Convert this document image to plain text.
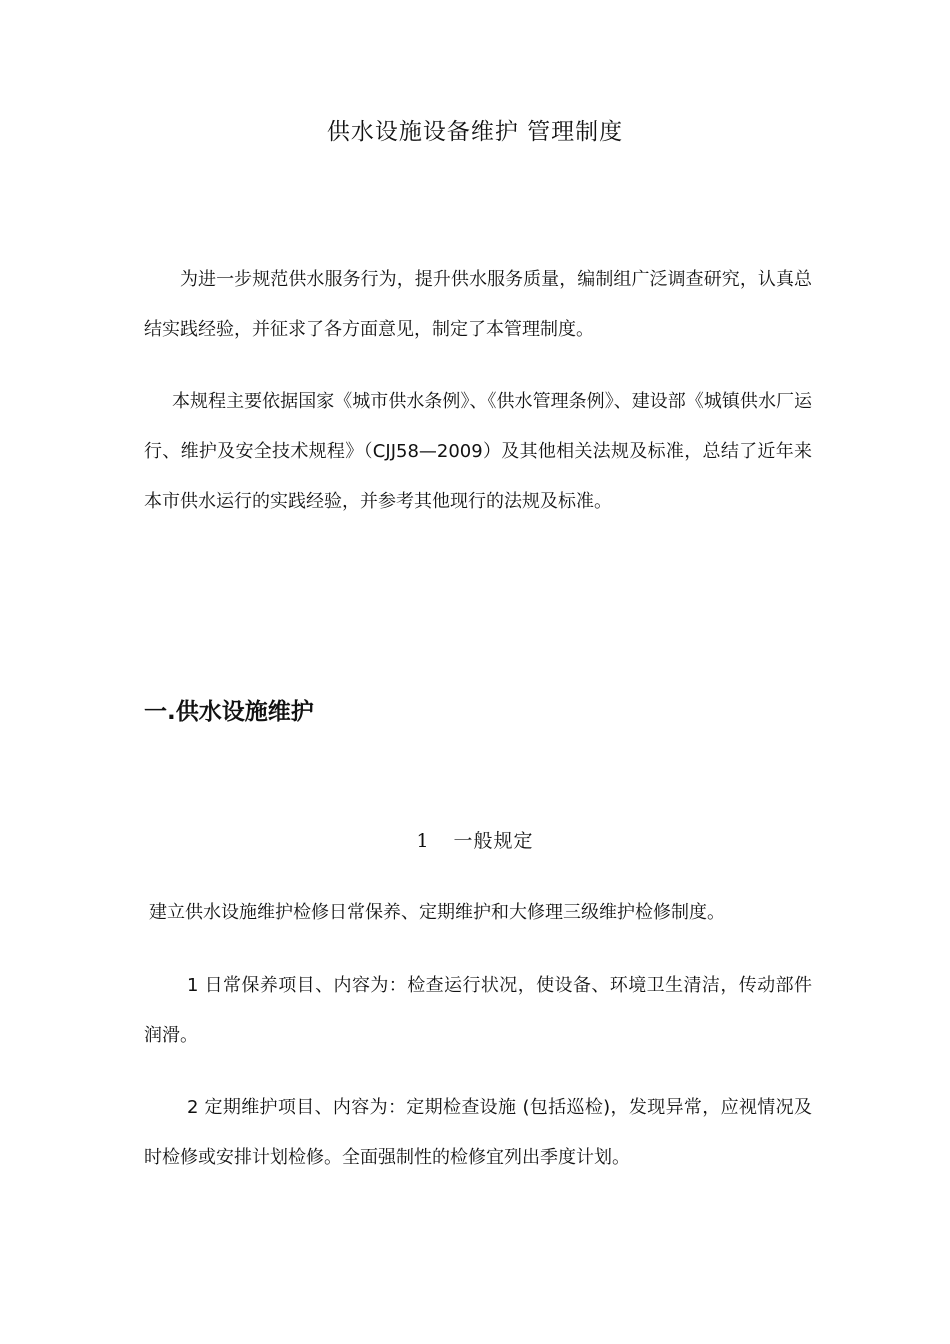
供水设施设备维护 管理制度

为进一步规范供水服务行为，提升供水服务质量，编制组广泛调查研究，认真总结实践经验，并征求了各方面意见，制定了本管理制度。

本规程主要依据国家《城市供水条例》、《供水管理条例》、建设部《城镇供水厂运行、维护及安全技术规程》（CJJ58—2009）及其他相关法规及标准，总结了近年来本市供水运行的实践经验，并参考其他现行的法规及标准。

一.供水设施维护
1 一般规定

建立供水设施维护检修日常保养、定期维护和大修理三级维护检修制度。

1 日常保养项目、内容为：检查运行状况，使设备、环境卫生清洁，传动部件润滑。

2 定期维护项目、内容为：定期检查设施 (包括巡检)，发现异常，应视情况及时检修或安排计划检修。全面强制性的检修宜列出季度计划。
